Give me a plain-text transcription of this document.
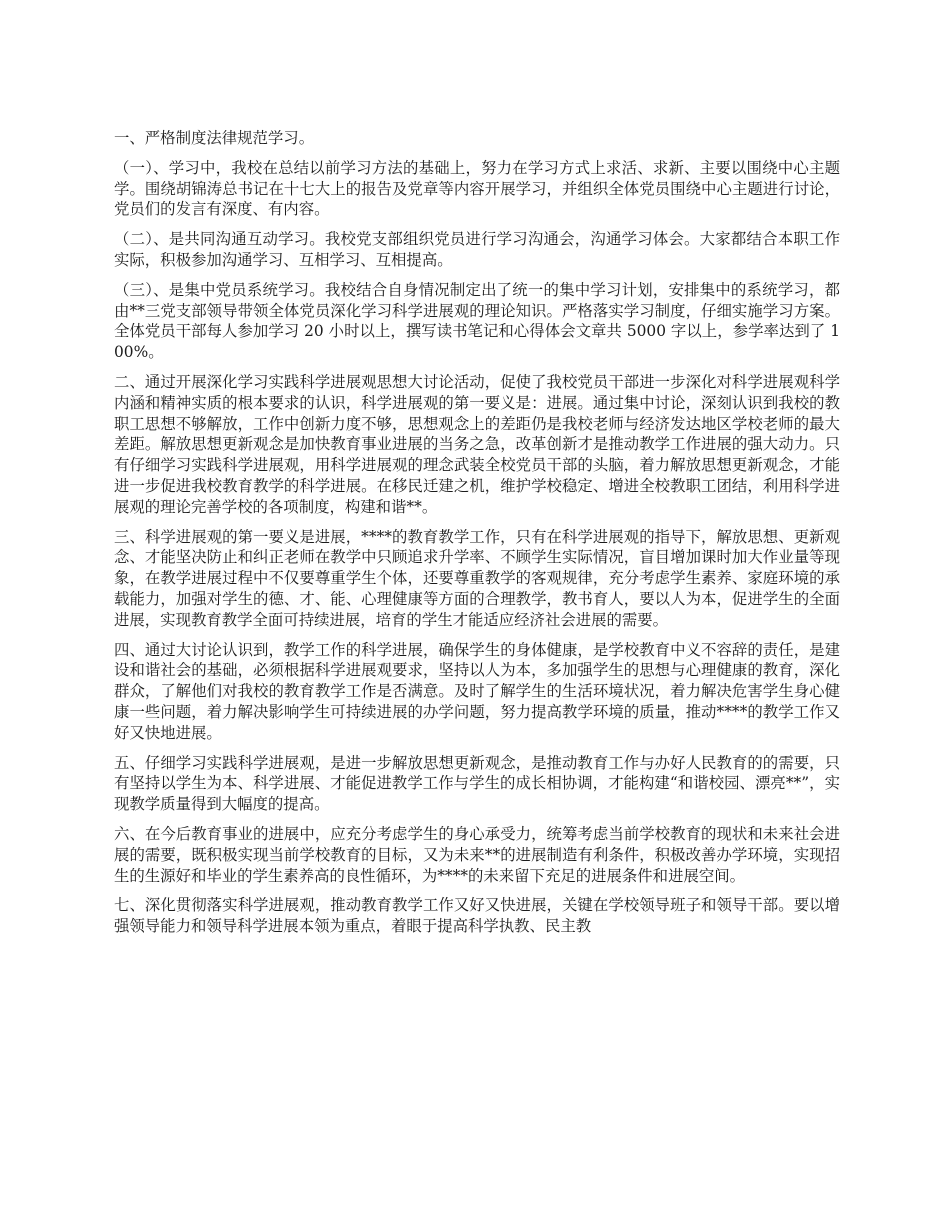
一、严格制度法律规范学习。

（一）、学习中，我校在总结以前学习方法的基础上，努力在学习方式上求活、求新、主要以围绕中心主题学。围绕胡锦涛总书记在十七大上的报告及党章等内容开展学习，并组织全体党员围绕中心主题进行讨论，党员们的发言有深度、有内容。

（二）、是共同沟通互动学习。我校党支部组织党员进行学习沟通会，沟通学习体会。大家都结合本职工作实际，积极参加沟通学习、互相学习、互相提高。

（三）、是集中党员系统学习。我校结合自身情况制定出了统一的集中学习计划，安排集中的系统学习，都由**三党支部领导带领全体党员深化学习科学进展观的理论知识。严格落实学习制度，仔细实施学习方案。全体党员干部每人参加学习 20 小时以上，撰写读书笔记和心得体会文章共 5000 字以上，参学率达到了 100%。

二、通过开展深化学习实践科学进展观思想大讨论活动，促使了我校党员干部进一步深化对科学进展观科学内涵和精神实质的根本要求的认识，科学进展观的第一要义是：进展。通过集中讨论，深刻认识到我校的教职工思想不够解放，工作中创新力度不够，思想观念上的差距仍是我校老师与经济发达地区学校老师的最大差距。解放思想更新观念是加快教育事业进展的当务之急，改革创新才是推动教学工作进展的强大动力。只有仔细学习实践科学进展观，用科学进展观的理念武装全校党员干部的头脑，着力解放思想更新观念，才能进一步促进我校教育教学的科学进展。在移民迁建之机，维护学校稳定、增进全校教职工团结，利用科学进展观的理论完善学校的各项制度，构建和谐**。

三、科学进展观的第一要义是进展，****的教育教学工作，只有在科学进展观的指导下，解放思想、更新观念、才能坚决防止和纠正老师在教学中只顾追求升学率、不顾学生实际情况，盲目增加课时加大作业量等现象，在教学进展过程中不仅要尊重学生个体，还要尊重教学的客观规律，充分考虑学生素养、家庭环境的承载能力，加强对学生的德、才、能、心理健康等方面的合理教学，教书育人，要以人为本，促进学生的全面进展，实现教育教学全面可持续进展，培育的学生才能适应经济社会进展的需要。

四、通过大讨论认识到，教学工作的科学进展，确保学生的身体健康，是学校教育中义不容辞的责任，是建设和谐社会的基础，必须根据科学进展观要求，坚持以人为本，多加强学生的思想与心理健康的教育，深化群众，了解他们对我校的教育教学工作是否满意。及时了解学生的生活环境状况，着力解决危害学生身心健康一些问题，着力解决影响学生可持续进展的办学问题，努力提高教学环境的质量，推动****的教学工作又好又快地进展。

五、仔细学习实践科学进展观，是进一步解放思想更新观念，是推动教育工作与办好人民教育的的需要，只有坚持以学生为本、科学进展、才能促进教学工作与学生的成长相协调，才能构建“和谐校园、漂亮**”，实现教学质量得到大幅度的提高。

六、在今后教育事业的进展中，应充分考虑学生的身心承受力，统筹考虑当前学校教育的现状和未来社会进展的需要，既积极实现当前学校教育的目标，又为未来**的进展制造有利条件，积极改善办学环境，实现招生的生源好和毕业的学生素养高的良性循环，为****的未来留下充足的进展条件和进展空间。

七、深化贯彻落实科学进展观，推动教育教学工作又好又快进展，关键在学校领导班子和领导干部。要以增强领导能力和领导科学进展本领为重点，着眼于提高科学执教、民主教
